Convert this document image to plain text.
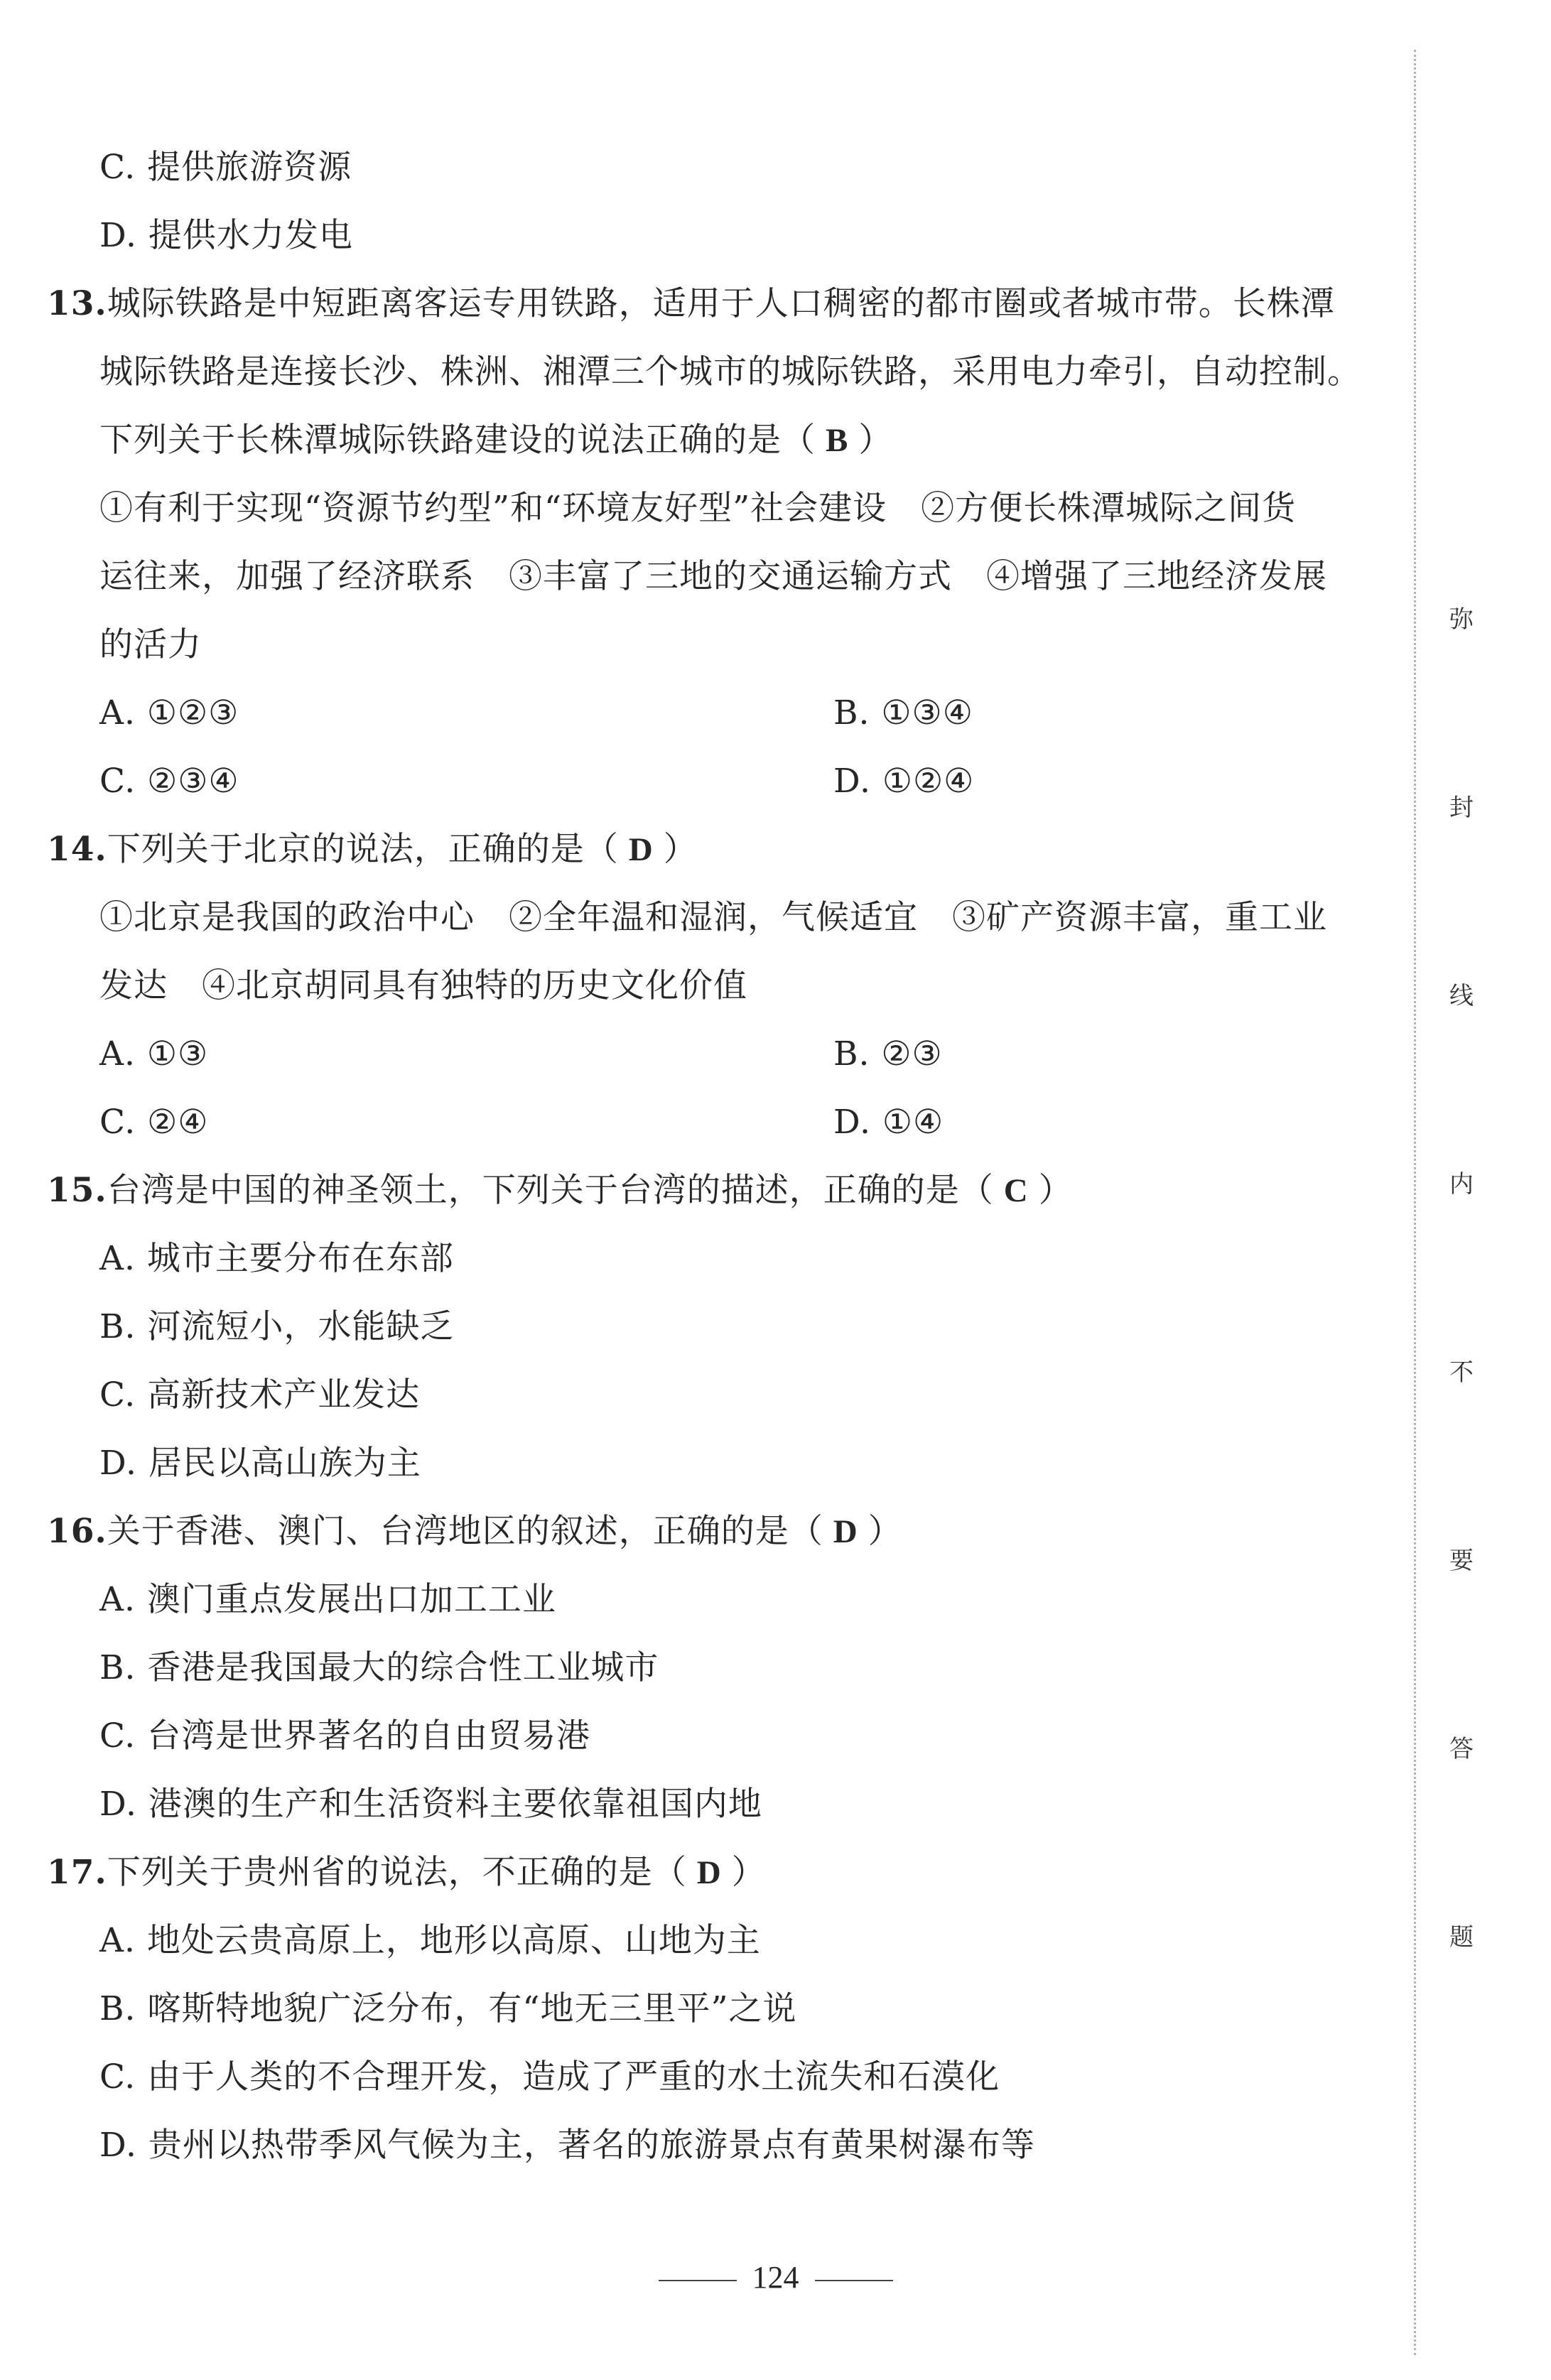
C. 提供旅游资源
D. 提供水力发电
13.城际铁路是中短距离客运专用铁路，适用于人口稠密的都市圈或者城市带。长株潭
城际铁路是连接长沙、株洲、湘潭三个城市的城际铁路，采用电力牵引，自动控制。
下列关于长株潭城际铁路建设的说法正确的是（ B ）
①有利于实现“资源节约型”和“环境友好型”社会建设　②方便长株潭城际之间货
运往来，加强了经济联系　③丰富了三地的交通运输方式　④增强了三地经济发展
的活力
A. ①②③	B. ①③④
C. ②③④	D. ①②④
14.下列关于北京的说法，正确的是（ D ）
①北京是我国的政治中心　②全年温和湿润，气候适宜　③矿产资源丰富，重工业
发达　④北京胡同具有独特的历史文化价值
A. ①③	B. ②③
C. ②④	D. ①④
15.台湾是中国的神圣领土，下列关于台湾的描述，正确的是（ C ）
A. 城市主要分布在东部
B. 河流短小，水能缺乏
C. 高新技术产业发达
D. 居民以高山族为主
16.关于香港、澳门、台湾地区的叙述，正确的是（ D ）
A. 澳门重点发展出口加工工业
B. 香港是我国最大的综合性工业城市
C. 台湾是世界著名的自由贸易港
D. 港澳的生产和生活资料主要依靠祖国内地
17.下列关于贵州省的说法，不正确的是（ D ）
A. 地处云贵高原上，地形以高原、山地为主
B. 喀斯特地貌广泛分布，有“地无三里平”之说
C. 由于人类的不合理开发，造成了严重的水土流失和石漠化
D. 贵州以热带季风气候为主，著名的旅游景点有黄果树瀑布等
弥
封
线
内
不
要
答
题
124
